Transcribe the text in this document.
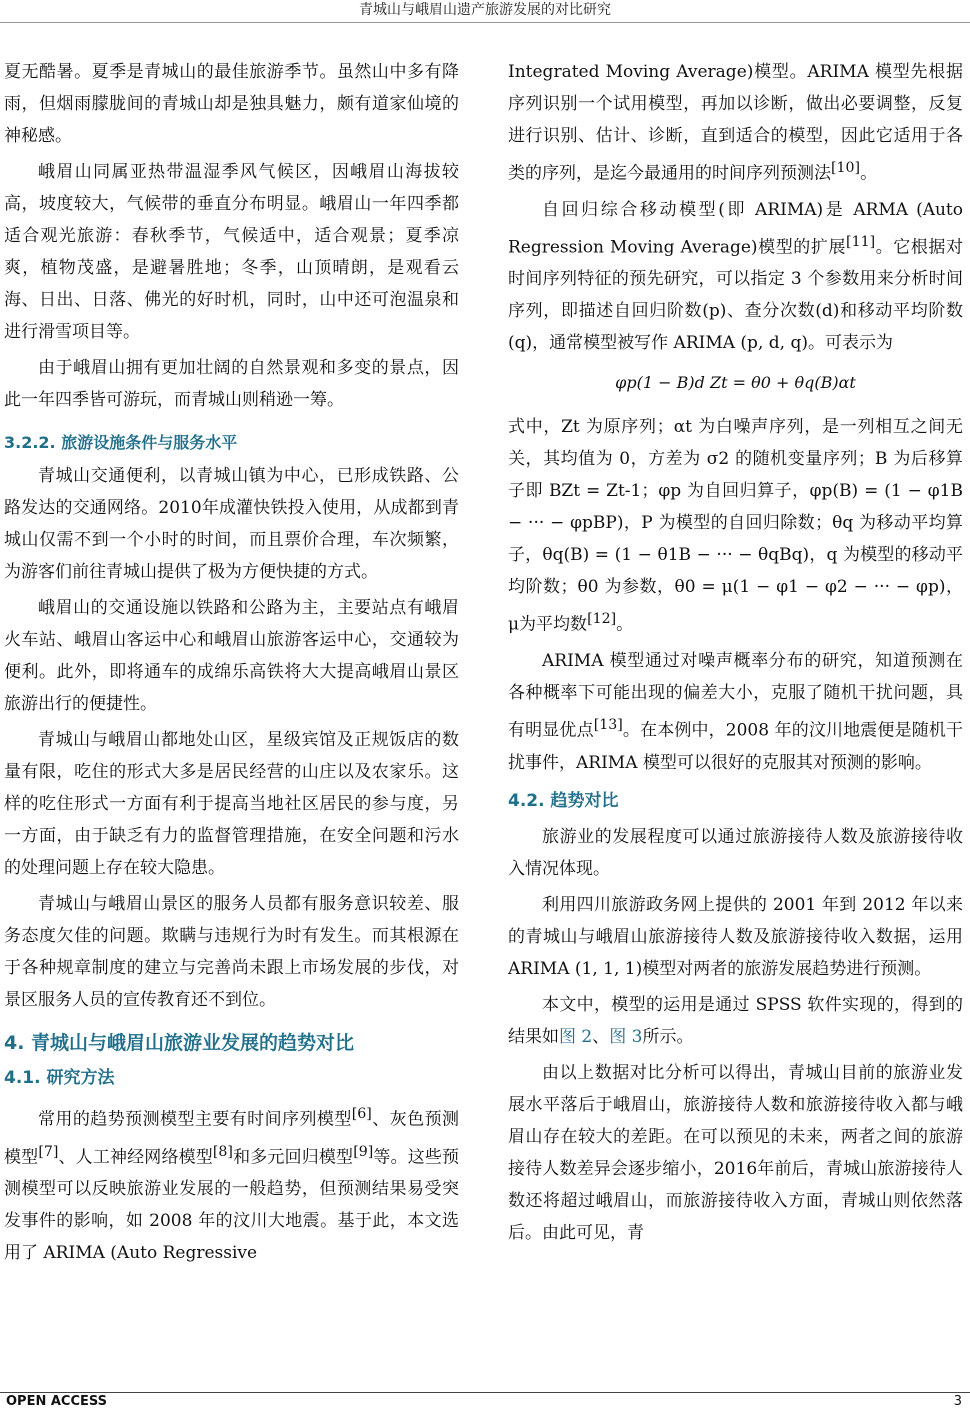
青城山与峨眉山遗产旅游发展的对比研究

夏无酷暑。夏季是青城山的最佳旅游季节。虽然山中多有降雨，但烟雨朦胧间的青城山却是独具魅力，颇有道家仙境的神秘感。

峨眉山同属亚热带温湿季风气候区，因峨眉山海拔较高，坡度较大，气候带的垂直分布明显。峨眉山一年四季都适合观光旅游：春秋季节，气候适中，适合观景；夏季凉爽，植物茂盛，是避暑胜地；冬季，山顶晴朗，是观看云海、日出、日落、佛光的好时机，同时，山中还可泡温泉和进行滑雪项目等。

由于峨眉山拥有更加壮阔的自然景观和多变的景点，因此一年四季皆可游玩，而青城山则稍逊一筹。

3.2.2. 旅游设施条件与服务水平

青城山交通便利，以青城山镇为中心，已形成铁路、公路发达的交通网络。2010年成灌快铁投入使用，从成都到青城山仅需不到一个小时的时间，而且票价合理，车次频繁，为游客们前往青城山提供了极为方便快捷的方式。

峨眉山的交通设施以铁路和公路为主，主要站点有峨眉火车站、峨眉山客运中心和峨眉山旅游客运中心，交通较为便利。此外，即将通车的成绵乐高铁将大大提高峨眉山景区旅游出行的便捷性。

青城山与峨眉山都地处山区，星级宾馆及正规饭店的数量有限，吃住的形式大多是居民经营的山庄以及农家乐。这样的吃住形式一方面有利于提高当地社区居民的参与度，另一方面，由于缺乏有力的监督管理措施，在安全问题和污水的处理问题上存在较大隐患。

青城山与峨眉山景区的服务人员都有服务意识较差、服务态度欠佳的问题。欺瞒与违规行为时有发生。而其根源在于各种规章制度的建立与完善尚未跟上市场发展的步伐，对景区服务人员的宣传教育还不到位。

4. 青城山与峨眉山旅游业发展的趋势对比
4.1. 研究方法

常用的趋势预测模型主要有时间序列模型[6]、灰色预测模型[7]、人工神经网络模型[8]和多元回归模型[9]等。这些预测模型可以反映旅游业发展的一般趋势，但预测结果易受突发事件的影响，如 2008 年的汶川大地震。基于此，本文选用了 ARIMA (Auto Regressive

Integrated Moving Average)模型。ARIMA 模型先根据序列识别一个试用模型，再加以诊断，做出必要调整，反复进行识别、估计、诊断，直到适合的模型，因此它适用于各类的序列，是迄今最通用的时间序列预测法[10]。

自回归综合移动模型(即 ARIMA)是 ARMA (Auto Regression Moving Average)模型的扩展[11]。它根据对时间序列特征的预先研究，可以指定 3 个参数用来分析时间序列，即描述自回归阶数(p)、查分次数(d)和移动平均阶数(q)，通常模型被写作 ARIMA (p, d, q)。可表示为

φp(1 − B)d Zt = θ0 + θq(B)αt

式中，Zt 为原序列；αt 为白噪声序列，是一列相互之间无关，其均值为 0，方差为 σ2 的随机变量序列；B 为后移算子即 BZt = Zt-1；φp 为自回归算子，φp(B) = (1 − φ1B − ··· − φpBP)，P 为模型的自回归除数；θq 为移动平均算子，θq(B) = (1 − θ1B − ··· − θqBq)，q 为模型的移动平均阶数；θ0 为参数，θ0 = μ(1 − φ1 − φ2 − ··· − φp)，μ为平均数[12]。

ARIMA 模型通过对噪声概率分布的研究，知道预测在各种概率下可能出现的偏差大小，克服了随机干扰问题，具有明显优点[13]。在本例中，2008 年的汶川地震便是随机干扰事件，ARIMA 模型可以很好的克服其对预测的影响。

4.2. 趋势对比

旅游业的发展程度可以通过旅游接待人数及旅游接待收入情况体现。

利用四川旅游政务网上提供的 2001 年到 2012 年以来的青城山与峨眉山旅游接待人数及旅游接待收入数据，运用 ARIMA (1, 1, 1)模型对两者的旅游发展趋势进行预测。

本文中，模型的运用是通过 SPSS 软件实现的，得到的结果如图 2、图 3所示。

由以上数据对比分析可以得出，青城山目前的旅游业发展水平落后于峨眉山，旅游接待人数和旅游接待收入都与峨眉山存在较大的差距。在可以预见的未来，两者之间的旅游接待人数差异会逐步缩小，2016年前后，青城山旅游接待人数还将超过峨眉山，而旅游接待收入方面，青城山则依然落后。由此可见，青

OPEN ACCESS	3
